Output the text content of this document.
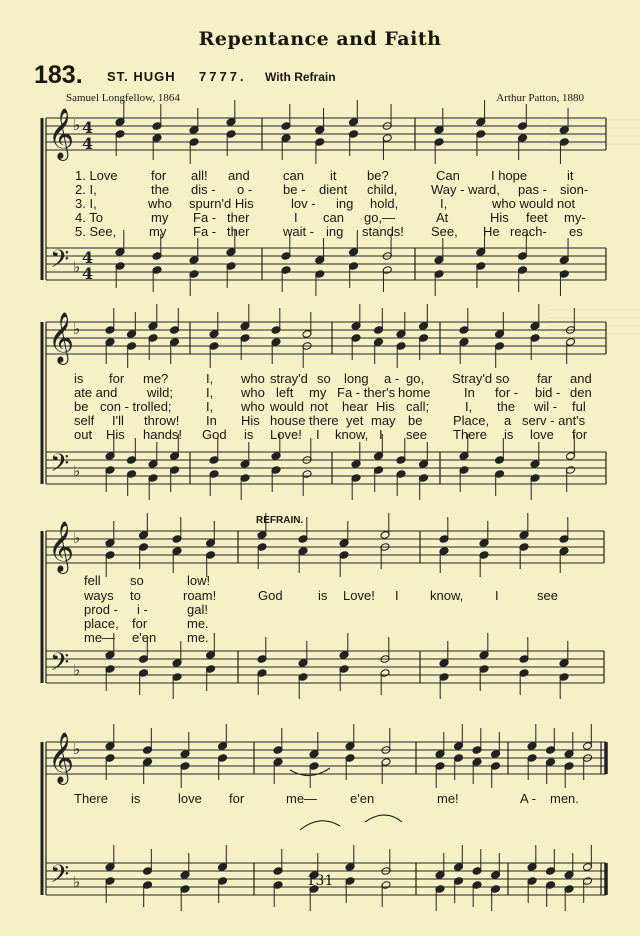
Repentance and Faith
183. ST. HUGH 7777. With Refrain
Samuel Longfellow, 1864	Arthur Patton, 1880
REFRAIN.
𝄞
𝄢
♭
♭
4
4
4
4
𝄞
𝄢
♭
♭
𝄞
𝄢
♭
♭
𝄞
𝄢
♭
♭
1. Love	for all! and	can it be?	Can I hope	it
2. I,	the dis - o - be - dient child,	Way - ward, pas - sion-
3. I,	who spurn'd His	lov - ing hold,	I,	who would not
4. To	my Fa - ther	I can go,—	At	His feet my-
5. See,	my Fa - ther	wait - ing stands! See, He reach- es
is for me?	I, who stray'd so long a - go, Stray'd so far and
ate and wild;	I, who left my Fa - ther's home	In for - bid - den
be con - trolled;	I, who would not hear His call;	I, the wil - ful
self I'll throw! In His house there yet may be Place, a serv - ant's
out His hands! God is Love! I know, I see There is love for
fell so	low!
ways to	roam!	God	is Love! I know, I	see
prod - i -	gal!
place, for	me.
me— e'en me.
There is	love for	me—	e'en	me!	A - men.
131
